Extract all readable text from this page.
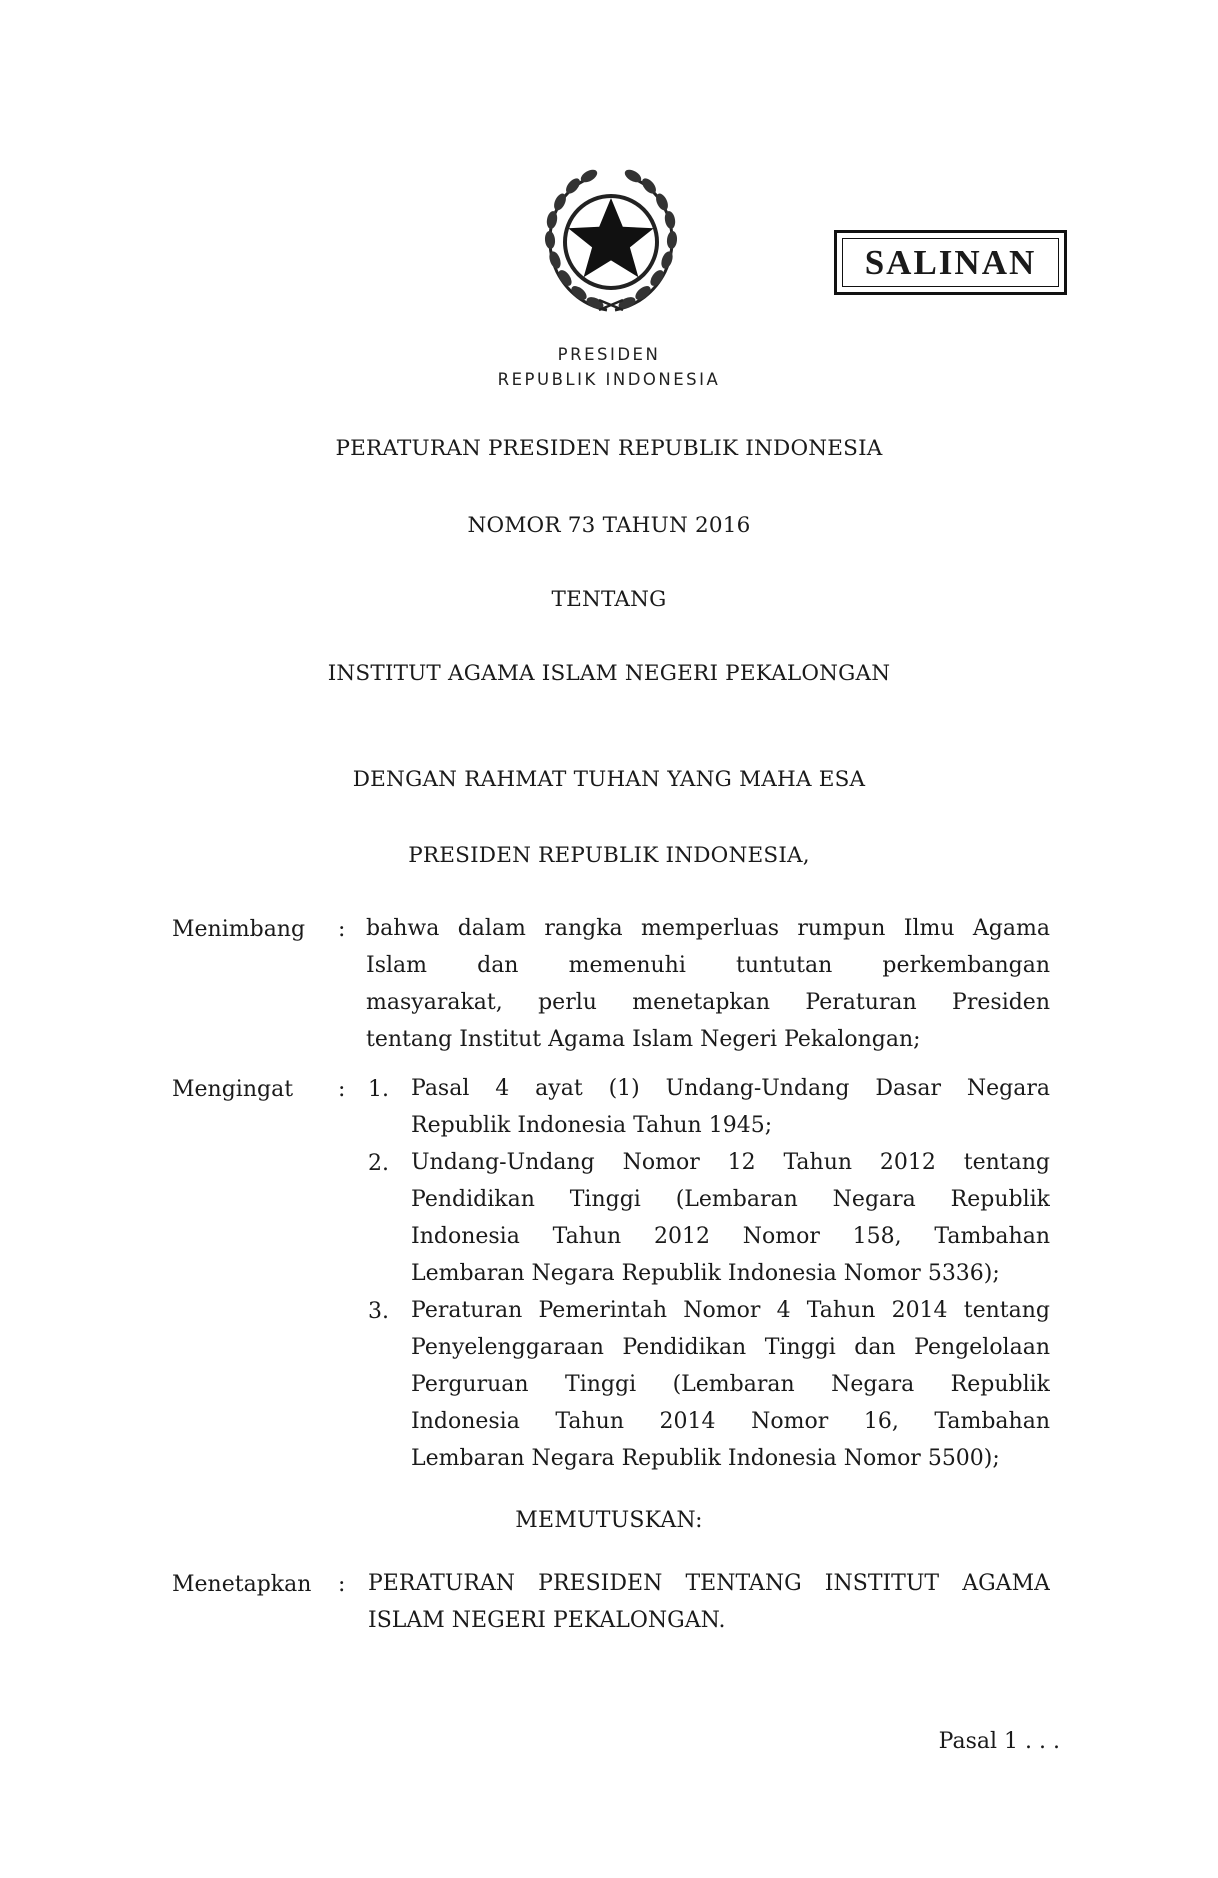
SALINAN
PRESIDEN
REPUBLIK INDONESIA
PERATURAN PRESIDEN REPUBLIK INDONESIA
NOMOR 73 TAHUN 2016
TENTANG
INSTITUT AGAMA ISLAM NEGERI PEKALONGAN
DENGAN RAHMAT TUHAN YANG MAHA ESA
PRESIDEN REPUBLIK INDONESIA,
Menimbang : bahwa dalam rangka memperluas rumpun Ilmu Agama
Islam dan memenuhi tuntutan perkembangan
masyarakat, perlu menetapkan Peraturan Presiden
tentang Institut Agama Islam Negeri Pekalongan;
Mengingat : 1. Pasal 4 ayat (1) Undang-Undang Dasar Negara
Republik Indonesia Tahun 1945;
2. Undang-Undang Nomor 12 Tahun 2012 tentang
Pendidikan Tinggi (Lembaran Negara Republik
Indonesia Tahun 2012 Nomor 158, Tambahan
Lembaran Negara Republik Indonesia Nomor 5336);
3. Peraturan Pemerintah Nomor 4 Tahun 2014 tentang
Penyelenggaraan Pendidikan Tinggi dan Pengelolaan
Perguruan Tinggi (Lembaran Negara Republik
Indonesia Tahun 2014 Nomor 16, Tambahan
Lembaran Negara Republik Indonesia Nomor 5500);
MEMUTUSKAN:
Menetapkan : PERATURAN PRESIDEN TENTANG INSTITUT AGAMA
ISLAM NEGERI PEKALONGAN.
Pasal 1 . . .
